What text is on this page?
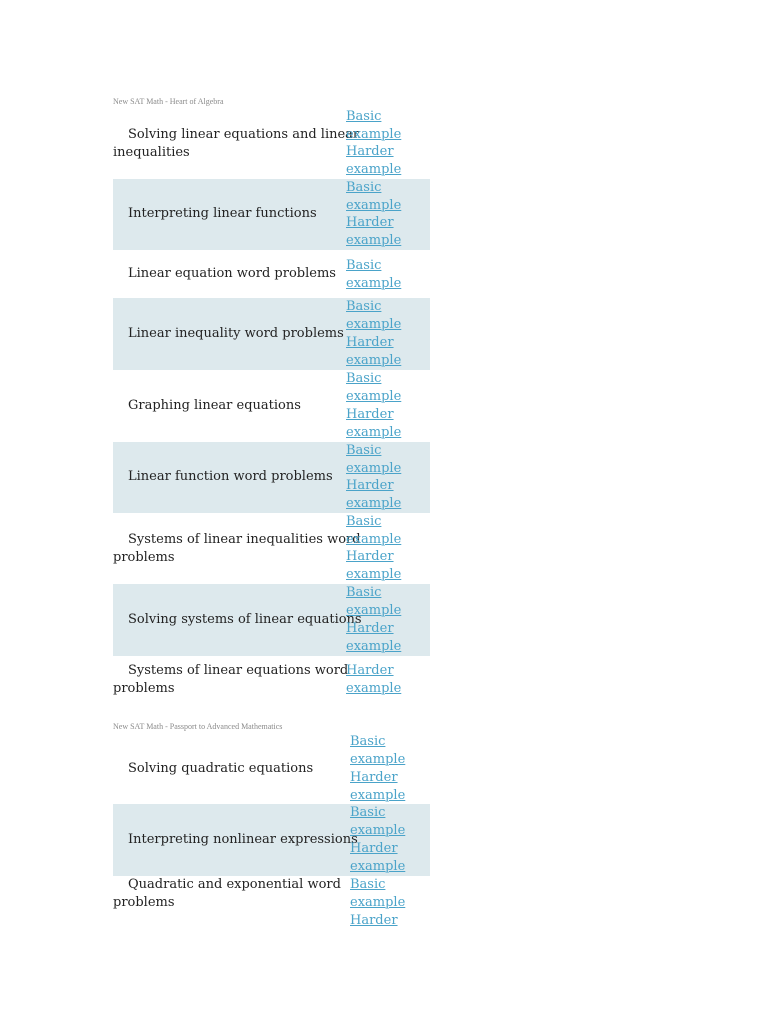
New SAT Math - Heart of Algebra
Solving linear equations and linear
inequalities
Basic
example
Harder
example
Interpreting linear functions
Basic
example
Harder
example
Linear equation word problems
Basic
example
Linear inequality word problems
Basic
example
Harder
example
Graphing linear equations
Basic
example
Harder
example
Linear function word problems
Basic
example
Harder
example
Systems of linear inequalities word
problems
Basic
example
Harder
example
Solving systems of linear equations
Basic
example
Harder
example
Systems of linear equations word
problems
Harder
example
New SAT Math - Passport to Advanced Mathematics
Solving quadratic equations
Basic
example
Harder
example
Interpreting nonlinear expressions
Basic
example
Harder
example
Quadratic and exponential word
problems
Basic
example
Harder
